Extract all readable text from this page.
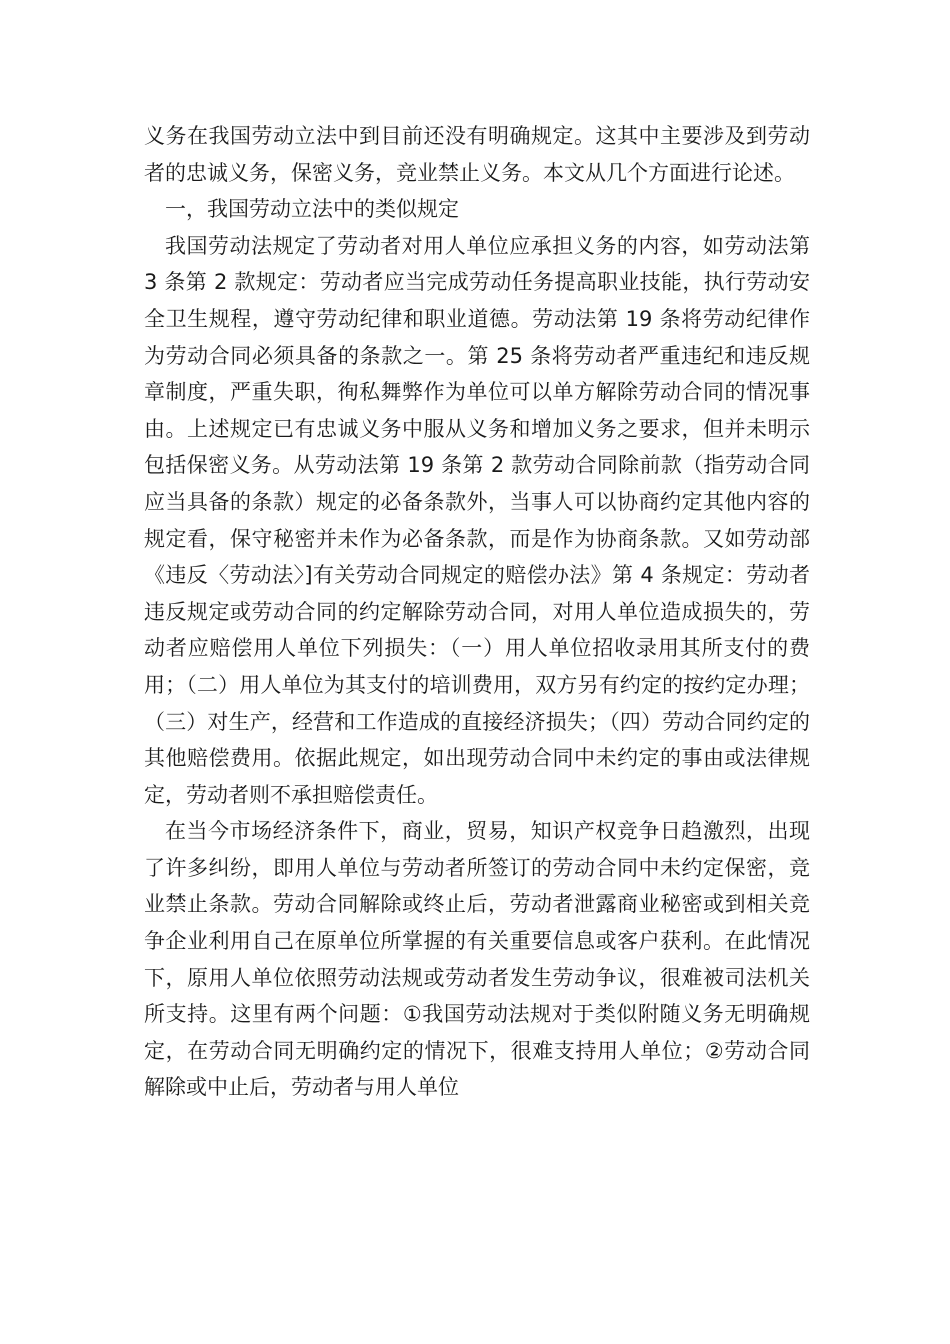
义务在我国劳动立法中到目前还没有明确规定。这其中主要涉及到劳动者的忠诚义务，保密义务，竞业禁止义务。本文从几个方面进行论述。

一，我国劳动立法中的类似规定

我国劳动法规定了劳动者对用人单位应承担义务的内容，如劳动法第 3 条第 2 款规定：劳动者应当完成劳动任务提高职业技能，执行劳动安全卫生规程，遵守劳动纪律和职业道德。劳动法第 19 条将劳动纪律作为劳动合同必须具备的条款之一。第 25 条将劳动者严重违纪和违反规章制度，严重失职，徇私舞弊作为单位可以单方解除劳动合同的情况事由。上述规定已有忠诚义务中服从义务和增加义务之要求，但并未明示包括保密义务。从劳动法第 19 条第 2 款劳动合同除前款（指劳动合同应当具备的条款）规定的必备条款外，当事人可以协商约定其他内容的规定看，保守秘密并未作为必备条款，而是作为协商条款。又如劳动部《违反〈劳动法〉]有关劳动合同规定的赔偿办法》第 4 条规定：劳动者违反规定或劳动合同的约定解除劳动合同，对用人单位造成损失的，劳动者应赔偿用人单位下列损失：（一）用人单位招收录用其所支付的费用；（二）用人单位为其支付的培训费用，双方另有约定的按约定办理；（三）对生产，经营和工作造成的直接经济损失；（四）劳动合同约定的其他赔偿费用。依据此规定，如出现劳动合同中未约定的事由或法律规定，劳动者则不承担赔偿责任。

在当今市场经济条件下，商业，贸易，知识产权竞争日趋激烈，出现了许多纠纷，即用人单位与劳动者所签订的劳动合同中未约定保密，竞业禁止条款。劳动合同解除或终止后，劳动者泄露商业秘密或到相关竞争企业利用自己在原单位所掌握的有关重要信息或客户获利。在此情况下，原用人单位依照劳动法规或劳动者发生劳动争议，很难被司法机关所支持。这里有两个问题：①我国劳动法规对于类似附随义务无明确规定，在劳动合同无明确约定的情况下，很难支持用人单位；②劳动合同解除或中止后，劳动者与用人单位
